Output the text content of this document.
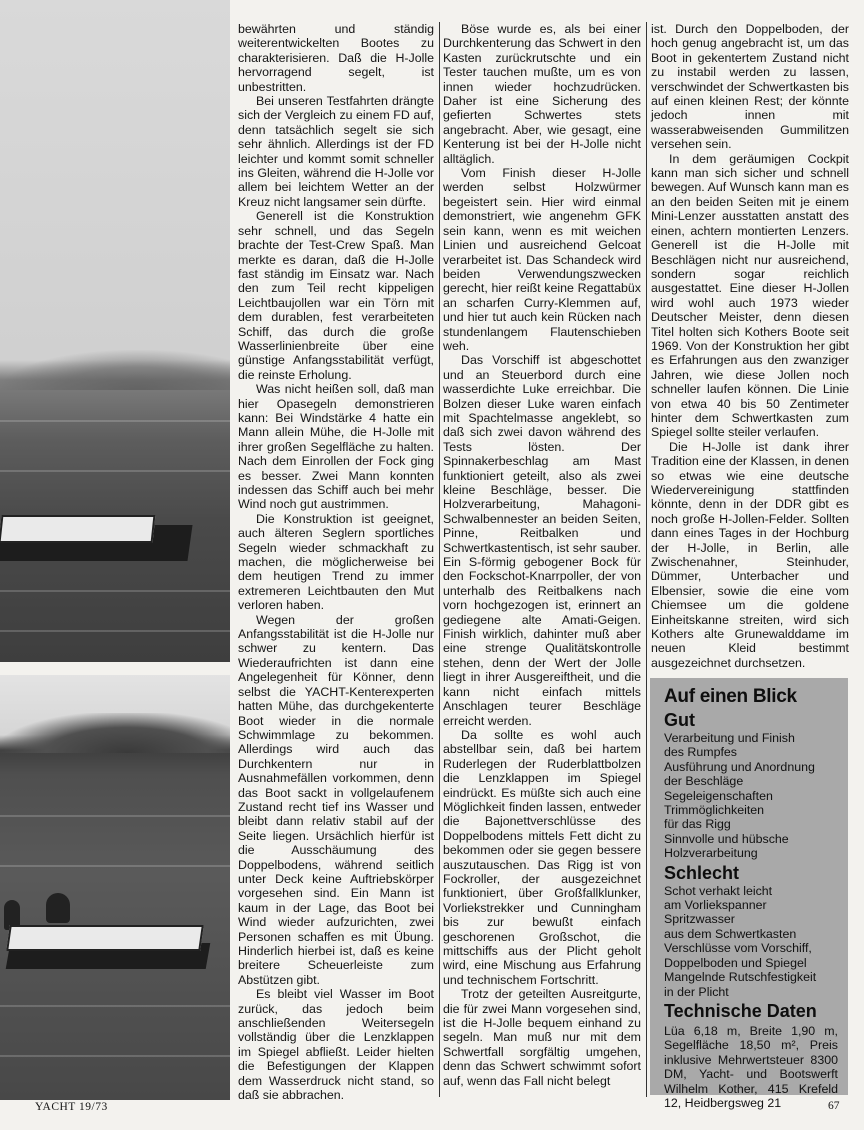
bewährten und ständig weiterentwickelten Bootes zu charakterisieren. Daß die H-Jolle hervorragend segelt, ist unbestritten.

Bei unseren Testfahrten drängte sich der Vergleich zu einem FD auf, denn tatsächlich segelt sie sich sehr ähnlich. Allerdings ist der FD leichter und kommt somit schneller ins Gleiten, während die H-Jolle vor allem bei leichtem Wetter an der Kreuz nicht langsamer sein dürfte.

Generell ist die Konstruktion sehr schnell, und das Segeln brachte der Test-Crew Spaß. Man merkte es daran, daß die H-Jolle fast ständig im Einsatz war. Nach den zum Teil recht kippeligen Leichtbaujollen war ein Törn mit dem durablen, fest verarbeiteten Schiff, das durch die große Wasserlinienbreite über eine günstige Anfangsstabilität verfügt, die reinste Erholung.

Was nicht heißen soll, daß man hier Opasegeln demonstrieren kann: Bei Windstärke 4 hatte ein Mann allein Mühe, die H-Jolle mit ihrer großen Segelfläche zu halten. Nach dem Einrollen der Fock ging es besser. Zwei Mann konnten indessen das Schiff auch bei mehr Wind noch gut austrimmen.

Die Konstruktion ist geeignet, auch älteren Seglern sportliches Segeln wieder schmackhaft zu machen, die möglicherweise bei dem heutigen Trend zu immer extremeren Leichtbauten den Mut verloren haben.

Wegen der großen Anfangsstabilität ist die H-Jolle nur schwer zu kentern. Das Wiederaufrichten ist dann eine Angelegenheit für Könner, denn selbst die YACHT-Kenterexperten hatten Mühe, das durchgekenterte Boot wieder in die normale Schwimmlage zu bekommen. Allerdings wird auch das Durchkentern nur in Ausnahmefällen vorkommen, denn das Boot sackt in vollgelaufenem Zustand recht tief ins Wasser und bleibt dann relativ stabil auf der Seite liegen. Ursächlich hierfür ist die Ausschäumung des Doppelbodens, während seitlich unter Deck keine Auftriebskörper vorgesehen sind. Ein Mann ist kaum in der Lage, das Boot bei Wind wieder aufzurichten, zwei Personen schaffen es mit Übung. Hinderlich hierbei ist, daß es keine breitere Scheuerleiste zum Abstützen gibt.

Es bleibt viel Wasser im Boot zurück, das jedoch beim anschließenden Weitersegeln vollständig über die Lenzklappen im Spiegel abfließt. Leider hielten die Befestigungen der Klappen dem Wasserdruck nicht stand, so daß sie abbrachen.

Böse wurde es, als bei einer Durchkenterung das Schwert in den Kasten zurückrutschte und ein Tester tauchen mußte, um es von innen wieder hochzudrücken. Daher ist eine Sicherung des gefierten Schwertes stets angebracht. Aber, wie gesagt, eine Kenterung ist bei der H-Jolle nicht alltäglich.

Vom Finish dieser H-Jolle werden selbst Holzwürmer begeistert sein. Hier wird einmal demonstriert, wie angenehm GFK sein kann, wenn es mit weichen Linien und ausreichend Gelcoat verarbeitet ist. Das Schandeck wird beiden Verwendungszwecken gerecht, hier reißt keine Regattabüx an scharfen Curry-Klemmen auf, und hier tut auch kein Rücken nach stundenlangem Flautenschieben weh.

Das Vorschiff ist abgeschottet und an Steuerbord durch eine wasserdichte Luke erreichbar. Die Bolzen dieser Luke waren einfach mit Spachtelmasse angeklebt, so daß sich zwei davon während des Tests lösten. Der Spinnakerbeschlag am Mast funktioniert geteilt, also als zwei kleine Beschläge, besser. Die Holzverarbeitung, Mahagoni-Schwalbennester an beiden Seiten, Pinne, Reitbalken und Schwertkastentisch, ist sehr sauber. Ein S-förmig gebogener Bock für den Fockschot-Knarrpoller, der von unterhalb des Reitbalkens nach vorn hochgezogen ist, erinnert an gediegene alte Amati-Geigen. Finish wirklich, dahinter muß aber eine strenge Qualitätskontrolle stehen, denn der Wert der Jolle liegt in ihrer Ausgereiftheit, und die kann nicht einfach mittels Anschlagen teurer Beschläge erreicht werden.

Da sollte es wohl auch abstellbar sein, daß bei hartem Ruderlegen der Ruderblattbolzen die Lenzklappen im Spiegel eindrückt. Es müßte sich auch eine Möglichkeit finden lassen, entweder die Bajonettverschlüsse des Doppelbodens mittels Fett dicht zu bekommen oder sie gegen bessere auszutauschen. Das Rigg ist von Fockroller, der ausgezeichnet funktioniert, über Großfallklunker, Vorliekstrekker und Cunningham bis zur bewußt einfach geschorenen Großschot, die mittschiffs aus der Plicht geholt wird, eine Mischung aus Erfahrung und technischem Fortschritt.

Trotz der geteilten Ausreitgurte, die für zwei Mann vorgesehen sind, ist die H-Jolle bequem einhand zu segeln. Man muß nur mit dem Schwertfall sorgfältig umgehen, denn das Schwert schwimmt sofort auf, wenn das Fall nicht belegt

ist. Durch den Doppelboden, der hoch genug angebracht ist, um das Boot in gekentertem Zustand nicht zu instabil werden zu lassen, verschwindet der Schwertkasten bis auf einen kleinen Rest; der könnte jedoch innen mit wasserabweisenden Gummilitzen versehen sein.

In dem geräumigen Cockpit kann man sich sicher und schnell bewegen. Auf Wunsch kann man es an den beiden Seiten mit je einem Mini-Lenzer ausstatten anstatt des einen, achtern montierten Lenzers. Generell ist die H-Jolle mit Beschlägen nicht nur ausreichend, sondern sogar reichlich ausgestattet. Eine dieser H-Jollen wird wohl auch 1973 wieder Deutscher Meister, denn diesen Titel holten sich Kothers Boote seit 1969. Von der Konstruktion her gibt es Erfahrungen aus den zwanziger Jahren, wie diese Jollen noch schneller laufen können. Die Linie von etwa 40 bis 50 Zentimeter hinter dem Schwertkasten zum Spiegel sollte steiler verlaufen.

Die H-Jolle ist dank ihrer Tradition eine der Klassen, in denen so etwas wie eine deutsche Wiedervereinigung stattfinden könnte, denn in der DDR gibt es noch große H-Jollen-Felder. Sollten dann eines Tages in der Hochburg der H-Jolle, in Berlin, alle Zwischenahner, Steinhuder, Dümmer, Unterbacher und Elbensier, sowie die eine vom Chiemsee um die goldene Einheitskanne streiten, wird sich Kothers alte Grunewalddame im neuen Kleid bestimmt ausgezeichnet durchsetzen.

Auf einen Blick
Gut
Verarbeitung und Finish
des Rumpfes
Ausführung und Anordnung
der Beschläge
Segeleigenschaften
Trimmöglichkeiten
für das Rigg
Sinnvolle und hübsche
Holzverarbeitung
Schlecht
Schot verhakt leicht
am Vorliekspanner
Spritzwasser
aus dem Schwertkasten
Verschlüsse vom Vorschiff,
Doppelboden und Spiegel
Mangelnde Rutschfestigkeit
in der Plicht
Technische Daten
Lüa 6,18 m, Breite 1,90 m, Segelfläche 18,50 m², Preis inklusive Mehrwertsteuer 8300 DM, Yacht- und Bootswerft Wilhelm Kother, 415 Krefeld 12, Heidbergsweg 21
YACHT 19/73	67
